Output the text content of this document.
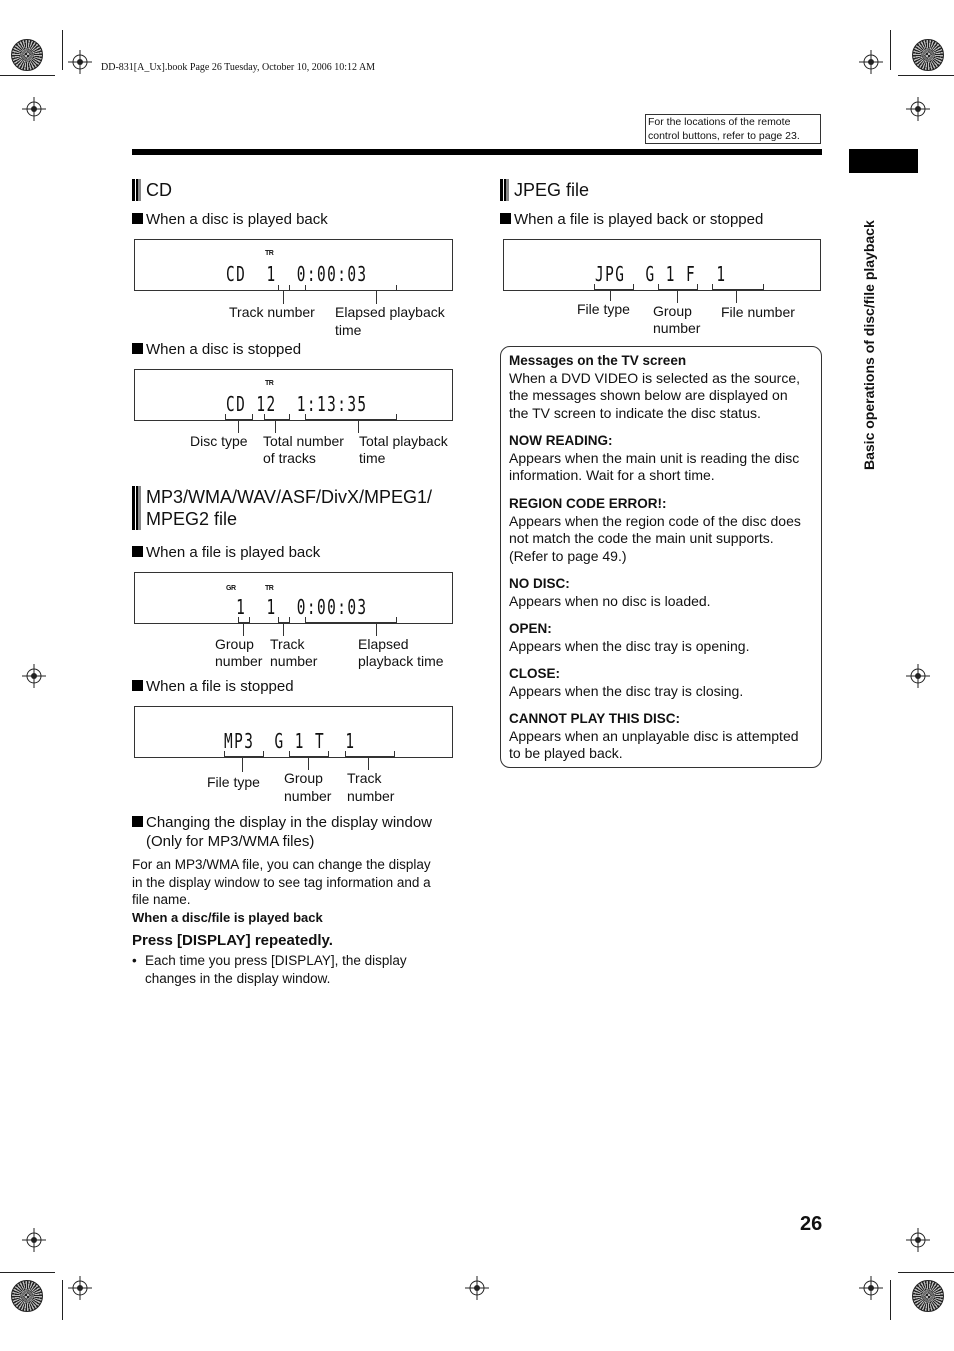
DD-831[A_Ux].book Page 26 Tuesday, October 10, 2006 10:12 AM
For the locations of the remote
control buttons, refer to page 23.
Basic operations of disc/file playback
CD
When a disc is played back
TR
CD  1  0:00:03
Track number Elapsed playback
time
When a disc is stopped
TR
CD 12  1:13:35
Disc type Total number
of tracks
Total playback
time
MP3/WMA/WAV/ASF/DivX/MPEG1/
MPEG2 file
When a file is played back
GR	TR
1  1  0:00:03
Group
number
Track
number
Elapsed
playback time
When a file is stopped
MP3  G 1 T  1
File type Group
number
Track
number
Changing the display in the display window
(Only for MP3/WMA files)
For an MP3/WMA file, you can change the display
in the display window to see tag information and a
file name.
When a disc/file is played back
Press [DISPLAY] repeatedly.
• Each time you press [DISPLAY], the display
changes in the display window.
JPEG file
When a file is played back or stopped
JPG  G 1 F  1
File type Group
number
File number
Messages on the TV screen
When a DVD VIDEO is selected as the source,
the messages shown below are displayed on
the TV screen to indicate the disc status.
NOW READING:
Appears when the main unit is reading the disc
information. Wait for a short time.
REGION CODE ERROR!:
Appears when the region code of the disc does
not match the code the main unit supports.
(Refer to page 49.)
NO DISC:
Appears when no disc is loaded.
OPEN:
Appears when the disc tray is opening.
CLOSE:
Appears when the disc tray is closing.
CANNOT PLAY THIS DISC:
Appears when an unplayable disc is attempted
to be played back.
26
